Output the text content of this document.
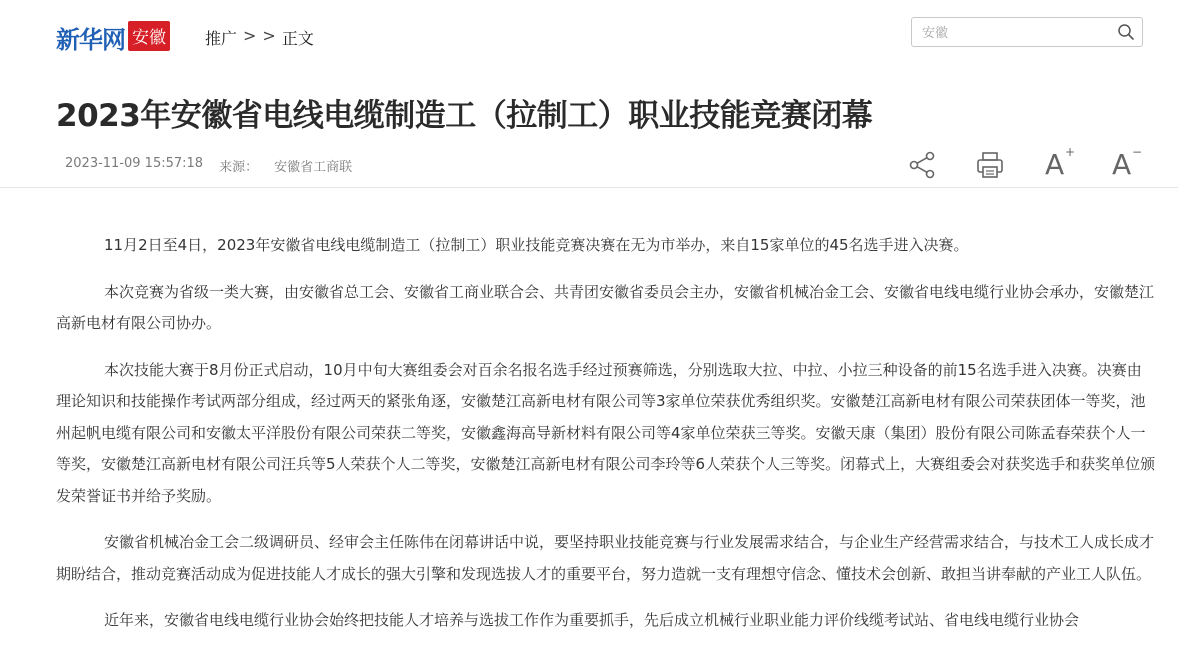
新华网 安徽 推广 > > 正文
安徽
2023年安徽省电线电缆制造工（拉制工）职业技能竞赛闭幕
2023-11-09 15:57:18 来源： 安徽省工商联	A + A −

11月2日至4日，2023年安徽省电线电缆制造工（拉制工）职业技能竞赛决赛在无为市举办，来自15家单位的45名选手进入决赛。

本次竞赛为省级一类大赛，由安徽省总工会、安徽省工商业联合会、共青团安徽省委员会主办，安徽省机械冶金工会、安徽省电线电缆行业协会承办，安徽楚江高新电材有限公司协办。

本次技能大赛于8月份正式启动，10月中旬大赛组委会对百余名报名选手经过预赛筛选，分别选取大拉、中拉、小拉三种设备的前15名选手进入决赛。决赛由理论知识和技能操作考试两部分组成，经过两天的紧张角逐，安徽楚江高新电材有限公司等3家单位荣获优秀组织奖。安徽楚江高新电材有限公司荣获团体一等奖，池州起帆电缆有限公司和安徽太平洋股份有限公司荣获二等奖，安徽鑫海高导新材料有限公司等4家单位荣获三等奖。安徽天康（集团）股份有限公司陈孟春荣获个人一等奖，安徽楚江高新电材有限公司汪兵等5人荣获个人二等奖，安徽楚江高新电材有限公司李玲等6人荣获个人三等奖。闭幕式上，大赛组委会对获奖选手和获奖单位颁发荣誉证书并给予奖励。

安徽省机械冶金工会二级调研员、经审会主任陈伟在闭幕讲话中说，要坚持职业技能竞赛与行业发展需求结合，与企业生产经营需求结合，与技术工人成长成才期盼结合，推动竞赛活动成为促进技能人才成长的强大引擎和发现选拔人才的重要平台，努力造就一支有理想守信念、懂技术会创新、敢担当讲奉献的产业工人队伍。

近年来，安徽省电线电缆行业协会始终把技能人才培养与选拔工作作为重要抓手，先后成立机械行业职业能力评价线缆考试站、省电线电缆行业协会
